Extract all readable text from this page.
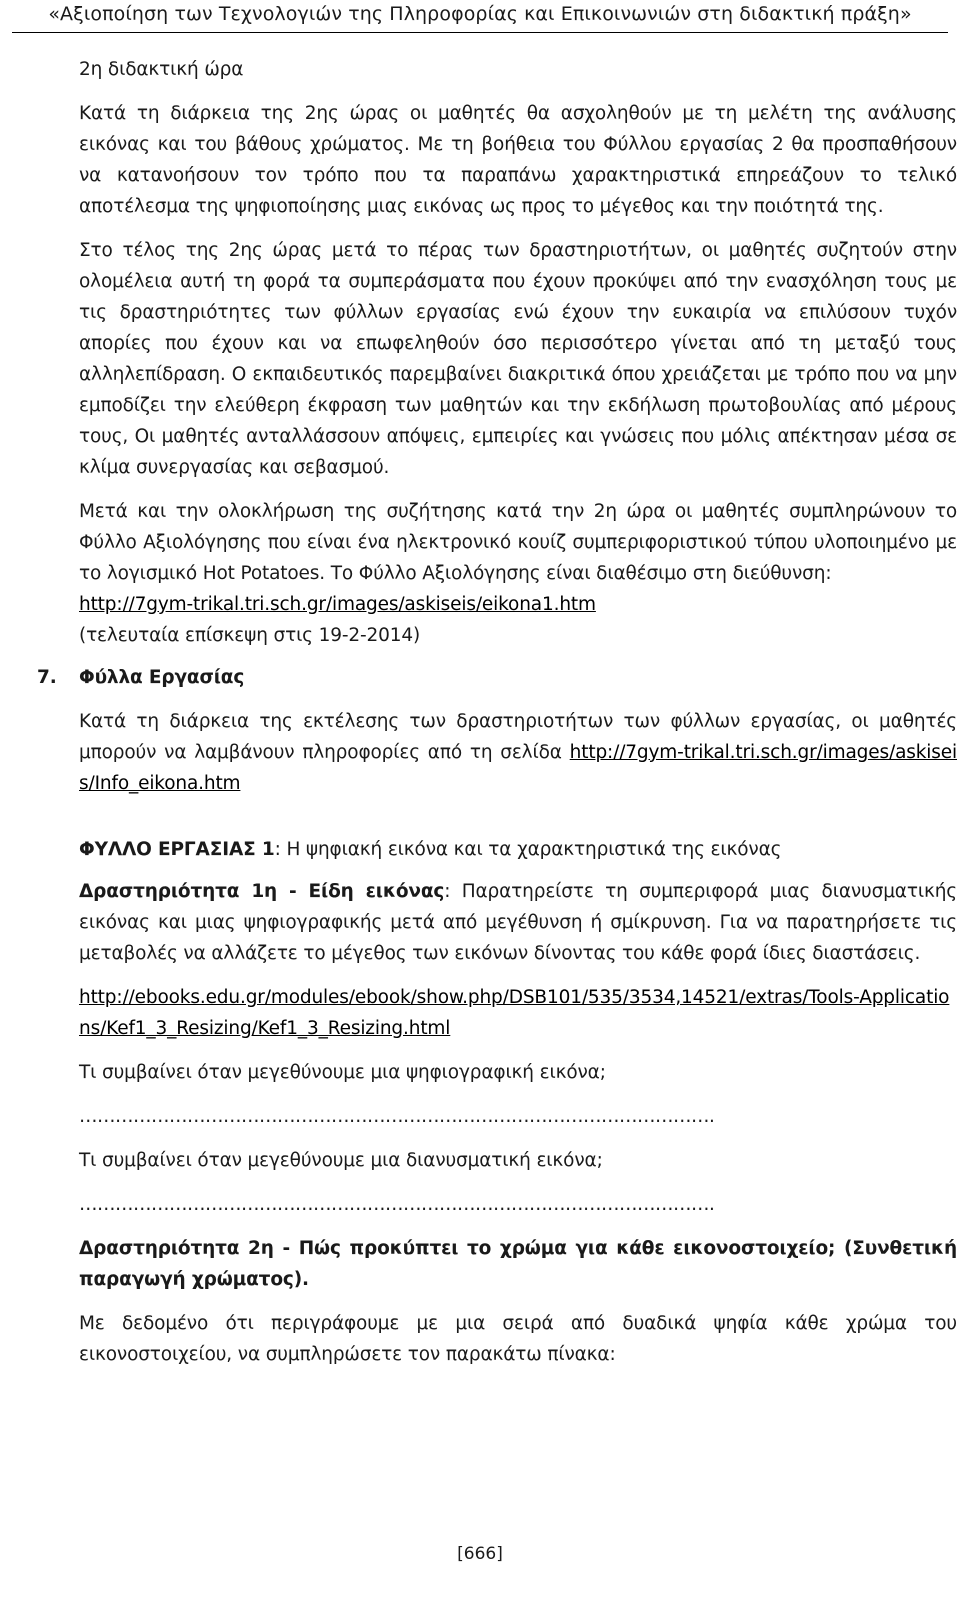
«Αξιοποίηση των Τεχνολογιών της Πληροφορίας και Επικοινωνιών στη διδακτική πράξη»

2η διδακτική ώρα

Κατά τη διάρκεια της 2ης ώρας οι μαθητές θα ασχοληθούν με τη μελέτη της ανάλυσης εικόνας και του βάθους χρώματος. Με τη βοήθεια του Φύλλου εργασίας 2 θα προσπαθήσουν να κατανοήσουν τον τρόπο που τα παραπάνω χαρακτηριστικά επηρεάζουν το τελικό αποτέλεσμα της ψηφιοποίησης μιας εικόνας ως προς το μέγεθος και την ποιότητά της.

Στο τέλος της 2ης ώρας μετά το πέρας των δραστηριοτήτων, οι μαθητές συζητούν στην ολομέλεια αυτή τη φορά τα συμπεράσματα που έχουν προκύψει από την ενασχόληση τους με τις δραστηριότητες των φύλλων εργασίας ενώ έχουν την ευκαιρία να επιλύσουν τυχόν απορίες που έχουν και να επωφεληθούν όσο περισσότερο γίνεται από τη μεταξύ τους αλληλεπίδραση. Ο εκπαιδευτικός παρεμβαίνει διακριτικά όπου χρειάζεται με τρόπο που να μην εμποδίζει την ελεύθερη έκφραση των μαθητών και την εκδήλωση πρωτοβουλίας από μέρους τους, Οι μαθητές ανταλλάσσουν απόψεις, εμπειρίες και γνώσεις που μόλις απέκτησαν μέσα σε κλίμα συνεργασίας και σεβασμού.

Μετά και την ολοκλήρωση της συζήτησης κατά την 2η ώρα οι μαθητές συμπληρώνουν το Φύλλο Αξιολόγησης που είναι ένα ηλεκτρονικό κουίζ συμπεριφοριστικού τύπου υλοποιημένο με το λογισμικό Hot Potatoes. Το Φύλλο Αξιολόγησης είναι διαθέσιμο στη διεύθυνση:

http://7gym-trikal.tri.sch.gr/images/askiseis/eikona1.htm

(τελευταία επίσκεψη στις 19-2-2014)

7. Φύλλα Εργασίας

Κατά τη διάρκεια της εκτέλεσης των δραστηριοτήτων των φύλλων εργασίας, οι μαθητές μπορούν να λαμβάνουν πληροφορίες από τη σελίδα http://7gym-trikal.tri.sch.gr/images/askiseis/Info_eikona.htm

ΦΥΛΛΟ ΕΡΓΑΣΙΑΣ 1: Η ψηφιακή εικόνα και τα χαρακτηριστικά της εικόνας

Δραστηριότητα 1η - Είδη εικόνας: Παρατηρείστε τη συμπεριφορά μιας διανυσματικής εικόνας και μιας ψηφιογραφικής μετά από μεγέθυνση ή σμίκρυνση. Για να παρατηρήσετε τις μεταβολές να αλλάζετε το μέγεθος των εικόνων δίνοντας του κάθε φορά ίδιες διαστάσεις.

http://ebooks.edu.gr/modules/ebook/show.php/DSB101/535/3534,14521/extras/Tools-Applications/Kef1_3_Resizing/Kef1_3_Resizing.html

Τι συμβαίνει όταν μεγεθύνουμε μια ψηφιογραφική εικόνα;

…………………………………………………………………………………………….

Τι συμβαίνει όταν μεγεθύνουμε μια διανυσματική εικόνα;

…………………………………………………………………………………………….

Δραστηριότητα 2η - Πώς προκύπτει το χρώμα για κάθε εικονοστοιχείο; (Συνθετική παραγωγή χρώματος).

Με δεδομένο ότι περιγράφουμε με μια σειρά από δυαδικά ψηφία κάθε χρώμα του εικονοστοιχείου, να συμπληρώσετε τον παρακάτω πίνακα:

[666]
